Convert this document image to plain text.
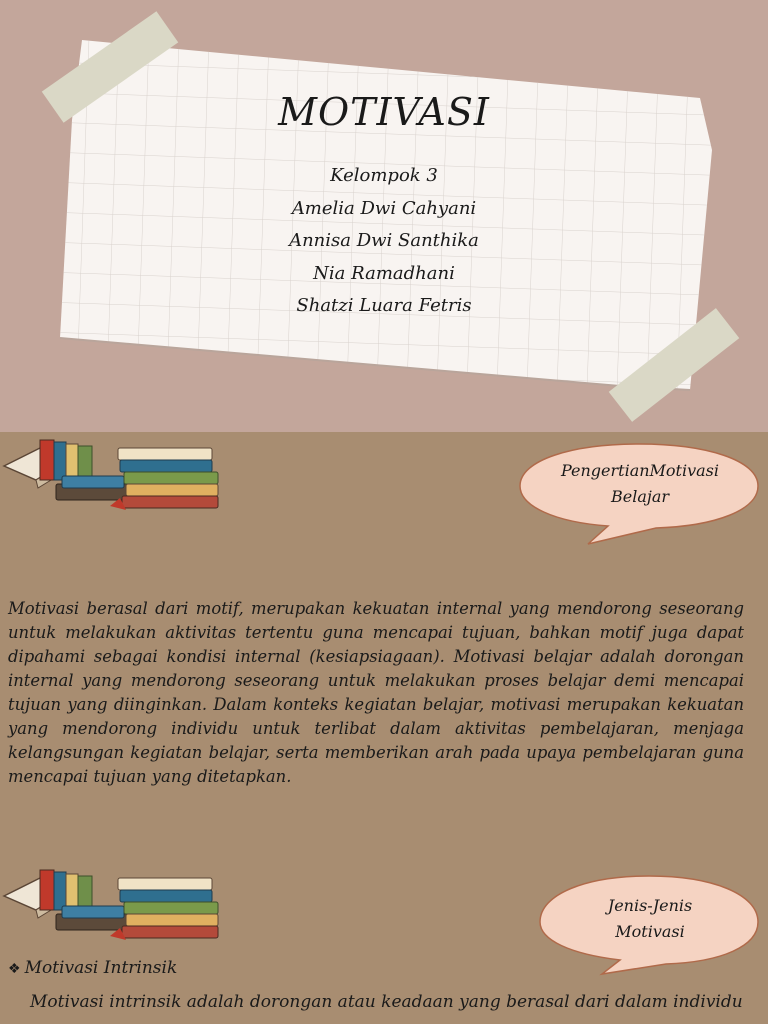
MOTIVASI
Kelompok 3
Amelia Dwi Cahyani
Annisa Dwi Santhika
Nia Ramadhani
Shatzi Luara Fetris
PengertianMotivasi
Belajar
Motivasi berasal dari motif, merupakan kekuatan internal yang mendorong seseorang untuk melakukan aktivitas tertentu guna mencapai tujuan, bahkan motif juga dapat dipahami sebagai kondisi internal (kesiapsiagaan). Motivasi belajar adalah dorongan internal yang mendorong seseorang untuk melakukan proses belajar demi mencapai tujuan yang diinginkan. Dalam konteks kegiatan belajar, motivasi merupakan kekuatan yang mendorong individu untuk terlibat dalam aktivitas pembelajaran, menjaga kelangsungan kegiatan belajar, serta memberikan arah pada upaya pembelajaran guna mencapai tujuan yang ditetapkan.
Jenis-Jenis
Motivasi
❖ Motivasi Intrinsik
Motivasi intrinsik adalah dorongan atau keadaan yang berasal dari dalam individu
